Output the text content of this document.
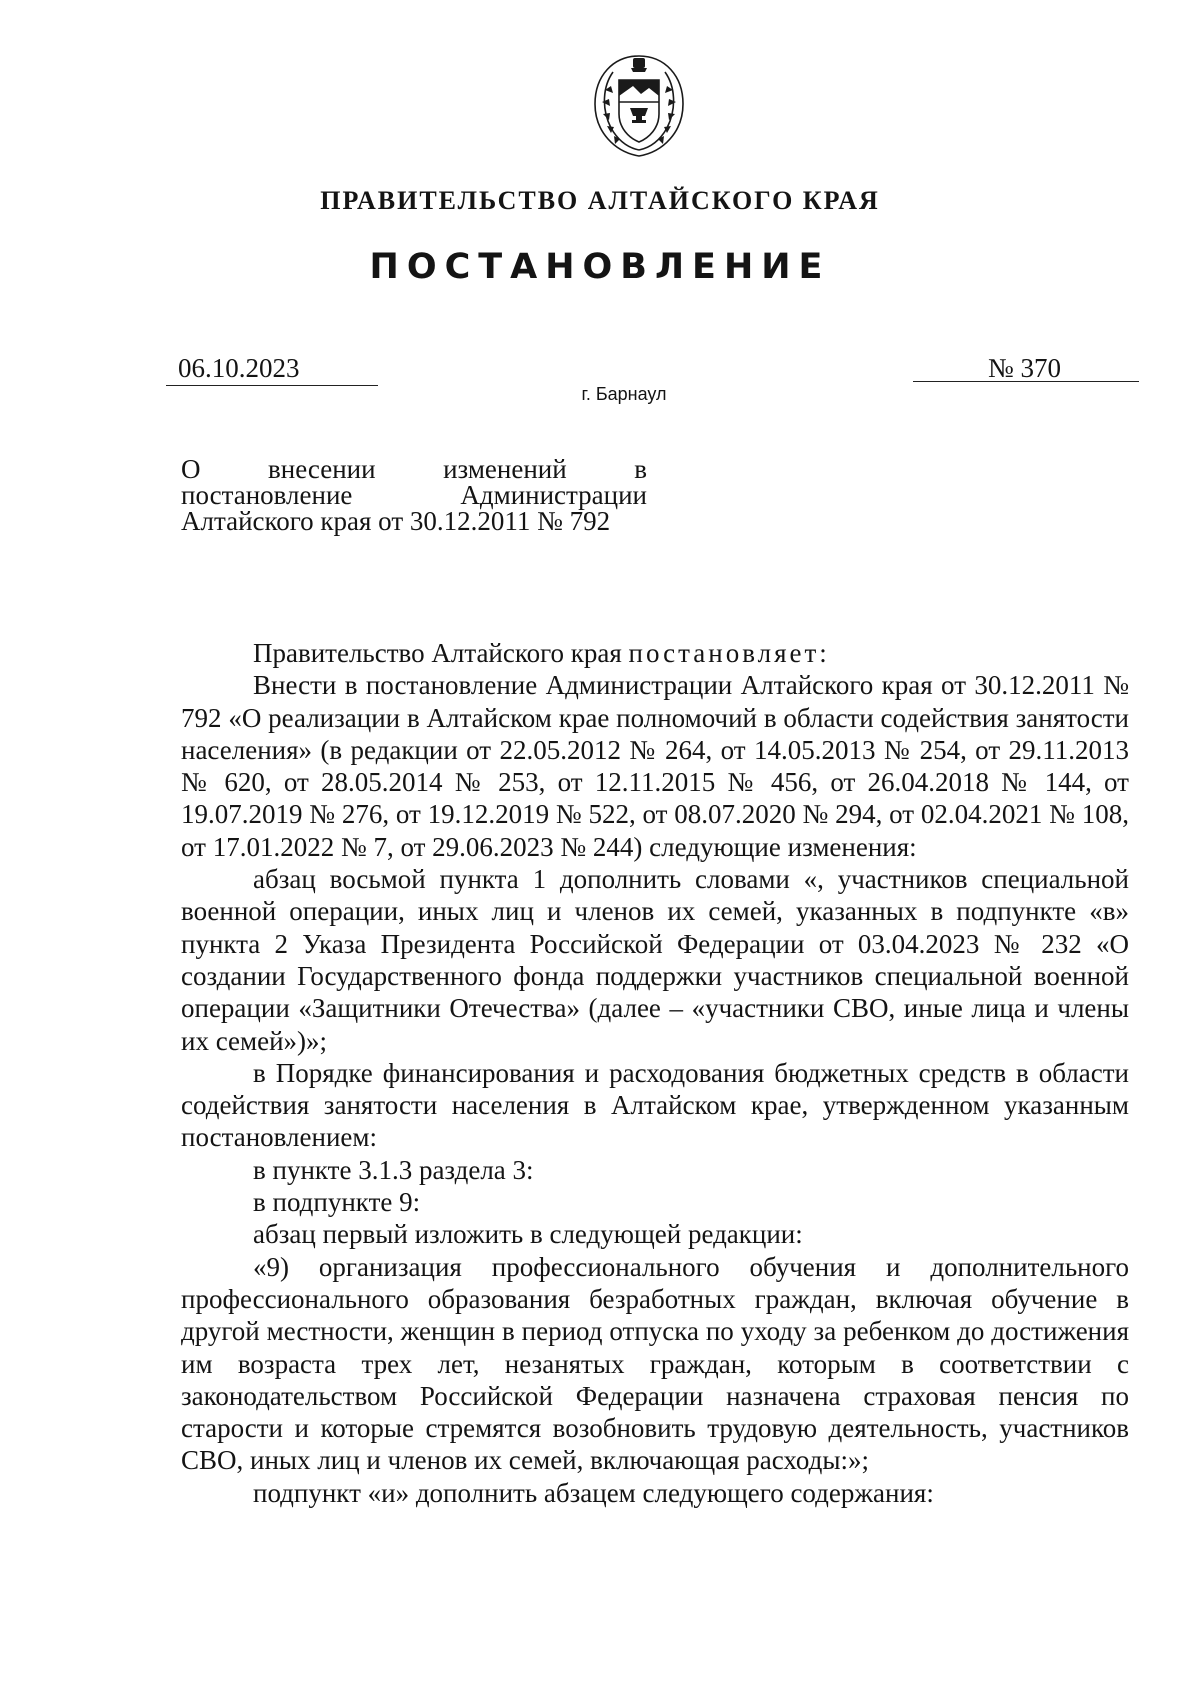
ПРАВИТЕЛЬСТВО АЛТАЙСКОГО КРАЯ
ПОСТАНОВЛЕНИЕ
06.10.2023	№ 370
г. Барнаул
О внесении изменений в
постановление Администрации
Алтайского края от 30.12.2011 № 792

Правительство Алтайского края постановляет:

Внести в постановление Администрации Алтайского края от 30.12.2011 № 792 «О реализации в Алтайском крае полномочий в области содействия занятости населения» (в редакции от 22.05.2012 № 264, от 14.05.2013 № 254, от 29.11.2013 № 620, от 28.05.2014 № 253, от 12.11.2015 № 456, от 26.04.2018 № 144, от 19.07.2019 № 276, от 19.12.2019 № 522, от 08.07.2020 № 294, от 02.04.2021 № 108, от 17.01.2022 № 7, от 29.06.2023 № 244) следующие изменения:

абзац восьмой пункта 1 дополнить словами «, участников специальной военной операции, иных лиц и членов их семей, указанных в подпункте «в» пункта 2 Указа Президента Российской Федерации от 03.04.2023 № 232 «О создании Государственного фонда поддержки участников специальной военной операции «Защитники Отечества» (далее – «участники СВО, иные лица и члены их семей»)»;

в Порядке финансирования и расходования бюджетных средств в области содействия занятости населения в Алтайском крае, утвержденном указанным постановлением:

в пункте 3.1.3 раздела 3:

в подпункте 9:

абзац первый изложить в следующей редакции:

«9) организация профессионального обучения и дополнительного профессионального образования безработных граждан, включая обучение в другой местности, женщин в период отпуска по уходу за ребенком до достижения им возраста трех лет, незанятых граждан, которым в соответствии с законодательством Российской Федерации назначена страховая пенсия по старости и которые стремятся возобновить трудовую деятельность, участников СВО, иных лиц и членов их семей, включающая расходы:»;

подпункт «и» дополнить абзацем следующего содержания:
